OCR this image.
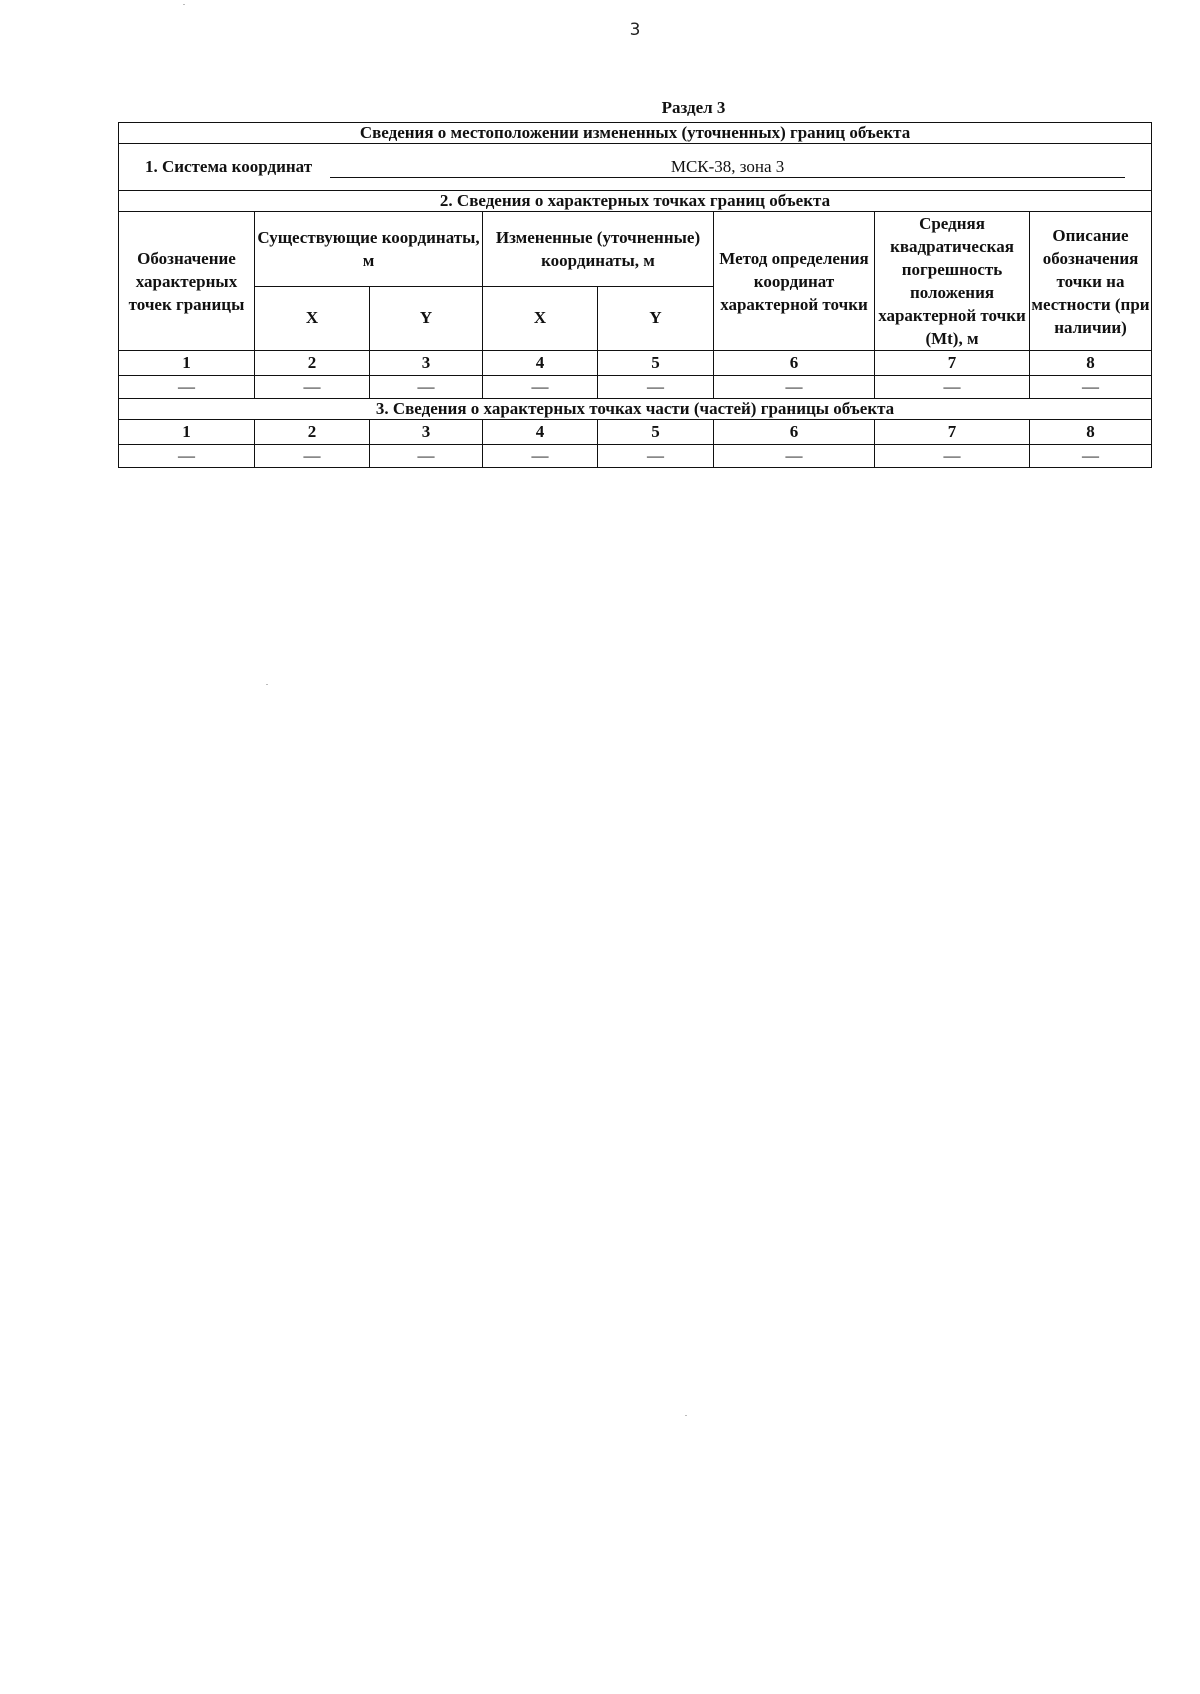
3
Раздел 3
Сведения о местоположении измененных (уточненных) границ объекта							
1. Система координат МСК-38, зона 3							
2. Сведения о характерных точках границ объекта							
Обозначение характерных точек границы	Существующие координаты, м		Измененные (уточненные) координаты, м		Метод определения координат характерной точки	Средняя квадратическая погрешность положения характерной точки (Mt), м	Описание обозначения точки на местности (при наличии)
	X	Y	X	Y			
1	2	3	4	5	6	7	8
—	—	—	—	—	—	—	—
3. Сведения о характерных точках части (частей) границы объекта							
1	2	3	4	5	6	7	8
—	—	—	—	—	—	—	—
